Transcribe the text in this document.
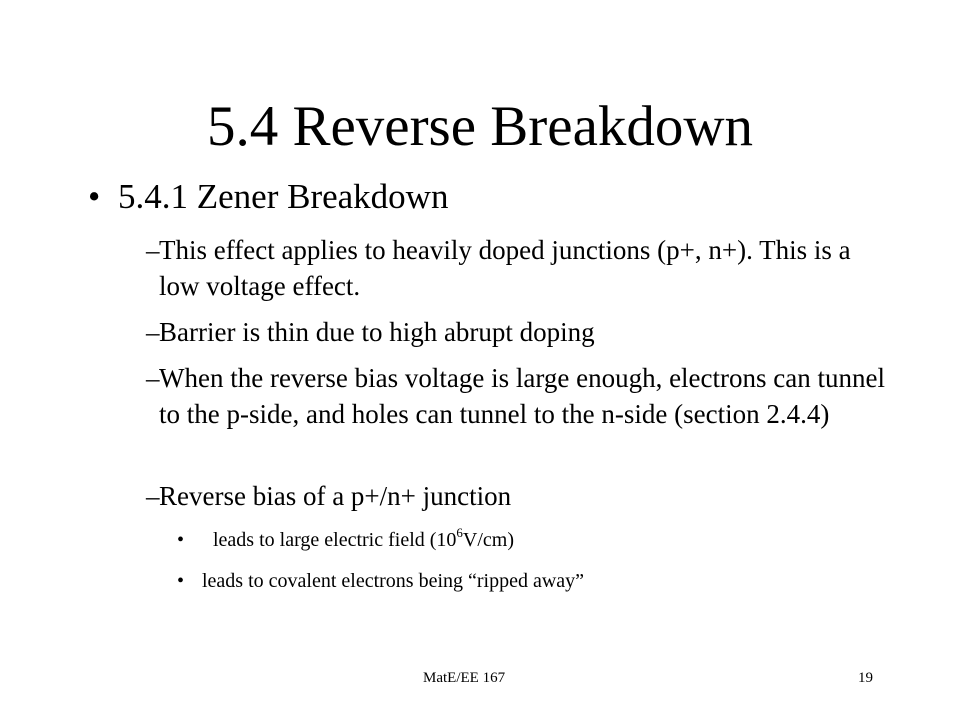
5.4 Reverse Breakdown
• 5.4.1 Zener Breakdown
– This effect applies to heavily doped junctions (p+, n+). This is a low voltage effect.
– Barrier is thin due to high abrupt doping
– When the reverse bias voltage is large enough, electrons can tunnel to the p-side, and holes can tunnel to the n-side (section 2.4.4)
– Reverse bias of a p+/n+ junction
• leads to large electric field $(10^6V/cm)$
• leads to covalent electrons being “ripped away”
MatE/EE 167	19
